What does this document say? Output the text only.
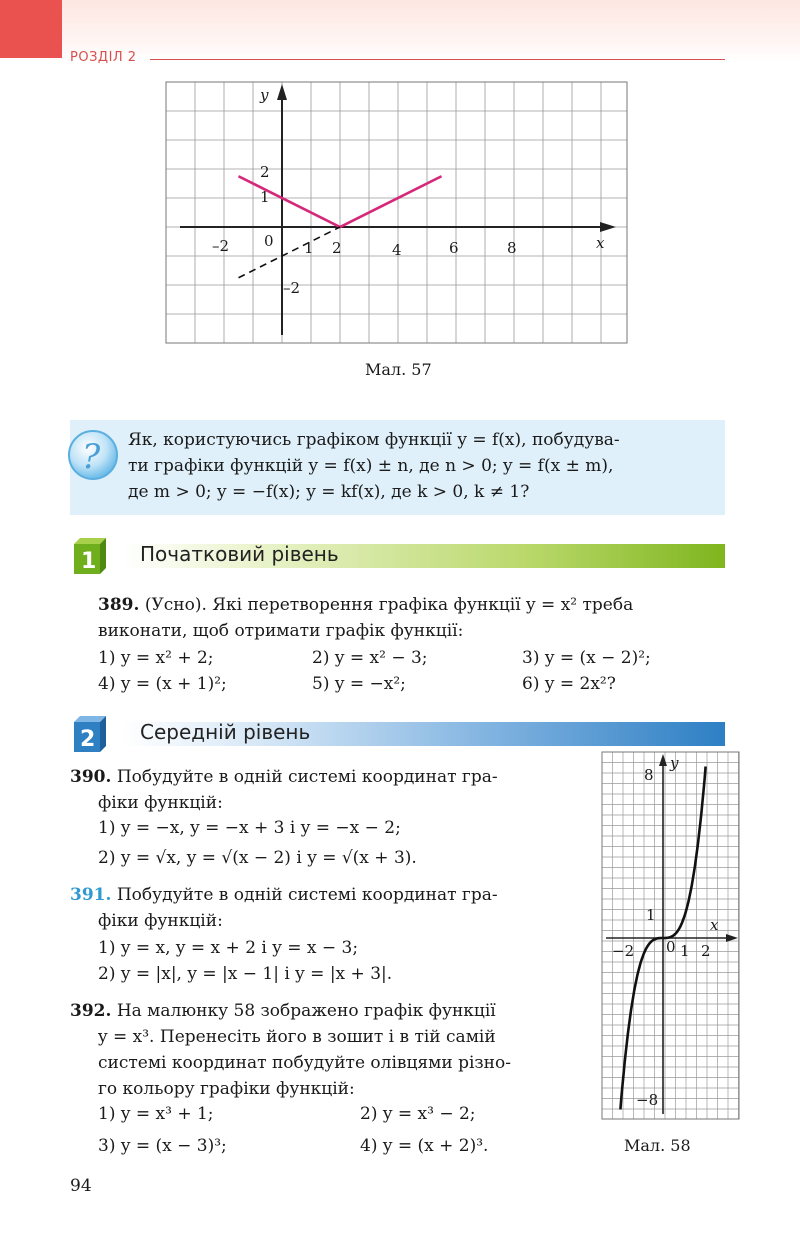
РОЗДІЛ 2
x
y
–2 0 1 2	4	6	8
2
1
–2
Мал. 57
? Як, користуючись графіком функції y = f(x), побудува-
ти графіки функцій y = f(x) ± n, де n > 0; y = f(x ± m),
де m > 0; y = −f(x); y = kf(x), де k > 0, k ≠ 1?
1 Початковий рівень
389. (Усно). Які перетворення графіка функції y = x² треба
виконати, щоб отримати графік функції:
1) y = x² + 2;	2) y = x² − 3;	3) y = (x − 2)²;
4) y = (x + 1)²;	5) y = −x²;	6) y = 2x²?
2 Середній рівень
390. Побудуйте в одній системі координат гра-
фіки функцій:
1) y = −x, y = −x + 3 і y = −x − 2;
2) y = √x, y = √(x − 2) і y = √(x + 3).
391. Побудуйте в одній системі координат гра-
фіки функцій:
1) y = x, y = x + 2 і y = x − 3;
2) y = |x|, y = |x − 1| і y = |x + 3|.
392. На малюнку 58 зображено графік функції
y = x³. Перенесіть його в зошит і в тій самій
системі координат побудуйте олівцями різно-
го кольору графіки функцій:
1) y = x³ + 1;	2) y = x³ − 2;
3) y = (x − 3)³;	4) y = (x + 2)³.
y
x
8
1
−8
−2 0 1 2
Мал. 58
94
